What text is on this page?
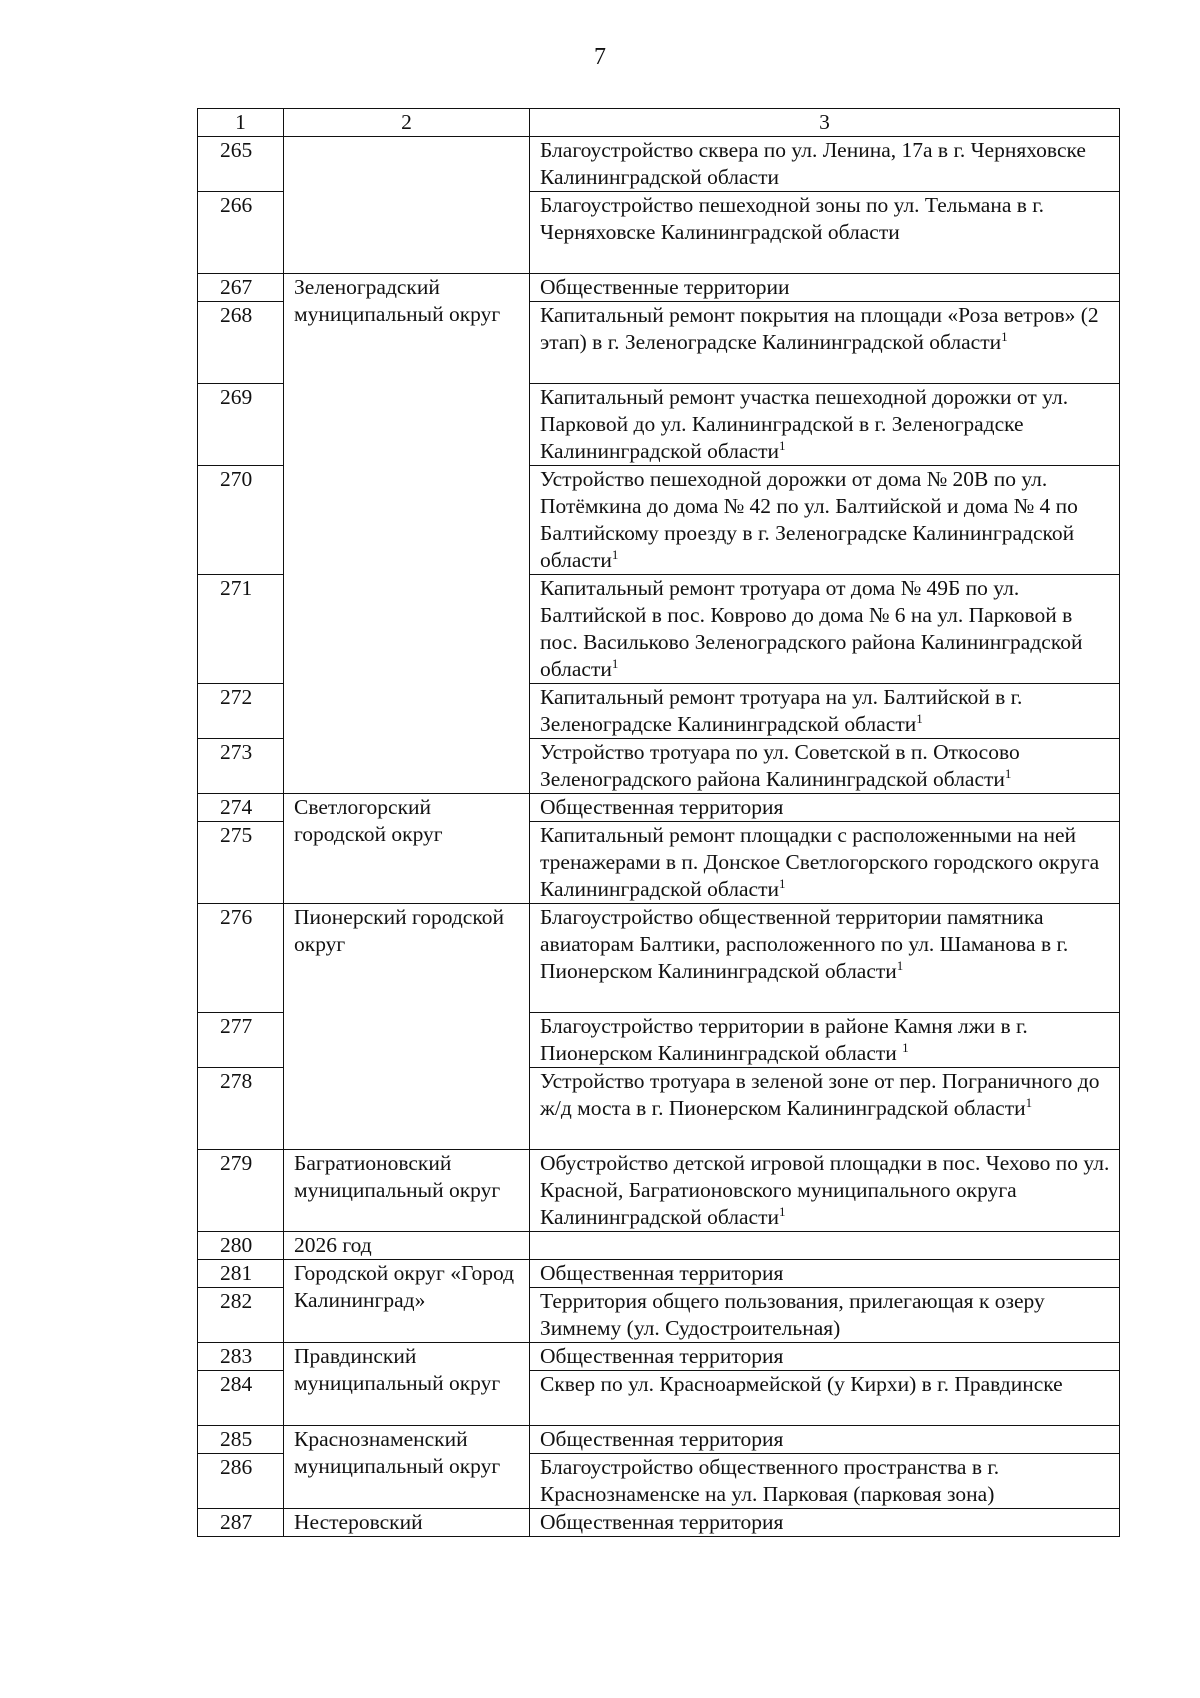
7
1	2	3
265		Благоустройство сквера по ул. Ленина, 17а в г. Черняховске Калининградской области
266		Благоустройство пешеходной зоны по ул. Тельмана в г. Черняховске Калининградской области
267	Зеленоградский муниципальный округ	Общественные территории
268		Капитальный ремонт покрытия на площади «Роза ветров» (2 этап) в г. Зеленоградске Калининградской области$^1$
269		Капитальный ремонт участка пешеходной дорожки от ул. Парковой до ул. Калининградской в г. Зеленоградске Калининградской области$^1$
270		Устройство пешеходной дорожки от дома № 20В по ул. Потёмкина до дома № 42 по ул. Балтийской и дома № 4 по Балтийскому проезду в г. Зеленоградске Калининградской области$^1$
271		Капитальный ремонт тротуара от дома № 49Б по ул. Балтийской в пос. Коврово до дома № 6 на ул. Парковой в пос. Васильково Зеленоградского района Калининградской области$^1$
272		Капитальный ремонт тротуара на ул. Балтийской в г. Зеленоградске Калининградской области$^1$
273		Устройство тротуара по ул. Советской в п. Откосово Зеленоградского района Калининградской области$^1$
274	Светлогорский городской округ	Общественная территория
275		Капитальный ремонт площадки с расположенными на ней тренажерами в п. Донское Светлогорского городского округа Калининградской области$^1$
276	Пионерский городской округ	Благоустройство общественной территории памятника авиаторам Балтики, расположенного по ул. Шаманова в г. Пионерском Калининградской области$^1$
277		Благоустройство территории в районе Камня лжи в г. Пионерском Калининградской области $^1$
278		Устройство тротуара в зеленой зоне от пер. Пограничного до ж/д моста в г. Пионерском Калининградской области$^1$
279	Багратионовский муниципальный округ	Обустройство детской игровой площадки в пос. Чехово по ул. Красной, Багратионовского муниципального округа Калининградской области$^1$
280	2026 год	
281	Городской округ «Город Калининград»	Общественная территория
282		Территория общего пользования, прилегающая к озеру Зимнему (ул. Судостроительная)
283	Правдинский муниципальный округ	Общественная территория
284		Сквер по ул. Красноармейской (у Кирхи) в г. Правдинске
285	Краснознаменский муниципальный округ	Общественная территория
286		Благоустройство общественного пространства в г. Краснознаменске на ул. Парковая (парковая зона)
287	Нестеровский	Общественная территория
